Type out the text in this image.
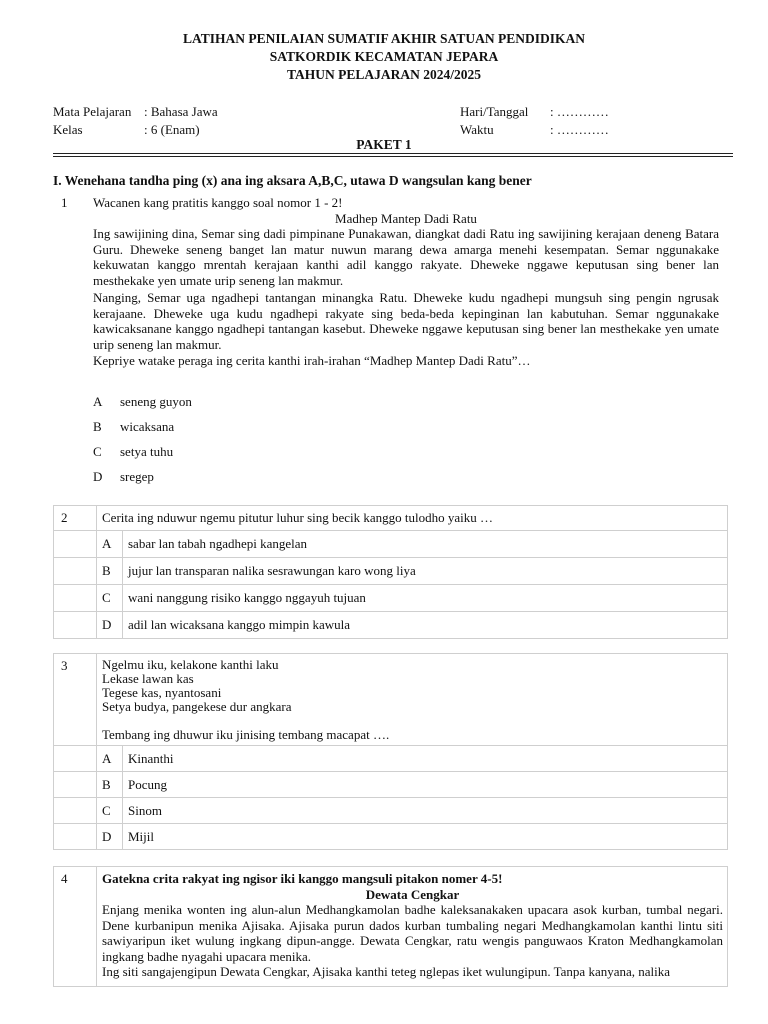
LATIHAN PENILAIAN SUMATIF AKHIR SATUAN PENDIDIKAN
SATKORDIK KECAMATAN JEPARA
TAHUN PELAJARAN 2024/2025
Mata Pelajaran : Bahasa Jawa	Hari/Tanggal : …………
Kelas	: 6 (Enam)	Waktu	: …………
PAKET 1
I. Wenehana tandha ping (x) ana ing aksara A,B,C, utawa D wangsulan kang bener
1 Wacanen kang pratitis kanggo soal nomor 1 - 2!
Madhep Mantep Dadi Ratu
Ing sawijining dina, Semar sing dadi pimpinane Punakawan, diangkat dadi Ratu ing sawijining kerajaan deneng Batara Guru. Dheweke seneng banget lan matur nuwun marang dewa amarga menehi kesempatan. Semar nggunakake kekuwatan kanggo mrentah kerajaan kanthi adil kanggo rakyate. Dheweke nggawe keputusan sing bener lan mesthekake yen umate urip seneng lan makmur.
Nanging, Semar uga ngadhepi tantangan minangka Ratu. Dheweke kudu ngadhepi mungsuh sing pengin ngrusak kerajaane. Dheweke uga kudu ngadhepi rakyate sing beda-beda kepinginan lan kabutuhan. Semar nggunakake kawicaksanane kanggo ngadhepi tantangan kasebut. Dheweke nggawe keputusan sing bener lan mesthekake yen umate urip seneng lan makmur.
Kepriye watake peraga ing cerita kanthi irah-irahan “Madhep Mantep Dadi Ratu”…
A seneng guyon
B wicaksana
C setya tuhu
D sregep
2	Cerita ing nduwur ngemu pitutur luhur sing becik kanggo tulodho yaiku …	
	A	sabar lan tabah ngadhepi kangelan
	B	jujur lan transparan nalika sesrawungan karo wong liya
	C	wani nanggung risiko kanggo nggayuh tujuan
	D	adil lan wicaksana kanggo mimpin kawula
3	Ngelmu iku, kelakone kanthi laku
Lekase lawan kas
Tegese kas, nyantosani
Setya budya, pangekese dur angkara
Tembang ing dhuwur iku jinising tembang macapat ….	

	A	Kinanthi
	B	Pocung
	C	Sinom
	D	Mijil
4	Gatekna crita rakyat ing ngisor iki kanggo mangsuli pitakon nomer 4-5!
Dewata Cengkar
Enjang menika wonten ing alun-alun Medhangkamolan badhe kaleksanakaken upacara asok kurban, tumbal negari. Dene kurbanipun menika Ajisaka. Ajisaka purun dados kurban tumbaling negari Medhangkamolan kanthi lintu siti sawiyaripun iket wulung ingkang dipun-angge. Dewata Cengkar, ratu wengis panguwaos Kraton Medhangkamolan ingkang badhe nyagahi upacara menika.
Ing siti sangajengipun Dewata Cengkar, Ajisaka kanthi teteg nglepas iket wulungipun. Tanpa kanyana, nalika
